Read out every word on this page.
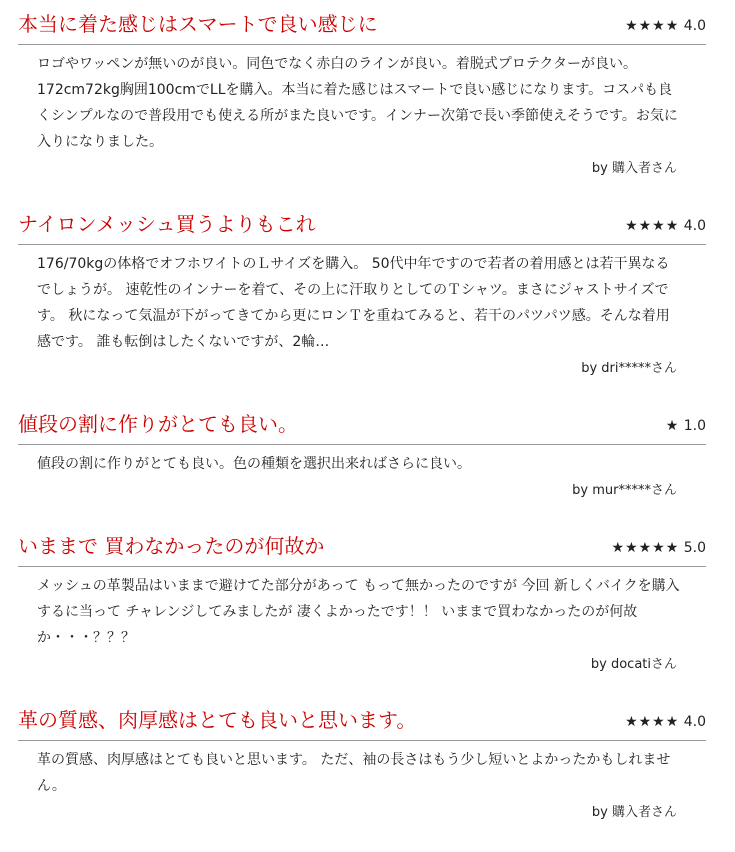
本当に着た感じはスマートで良い感じに	★★★★ 4.0
ロゴやワッペンが無いのが良い。同色でなく赤白のラインが良い。着脱式プロテクターが良い。 172cm72kg胸囲100cmでLLを購入。本当に着た感じはスマートで良い感じになります。コスパも良くシンプルなので普段用でも使える所がまた良いです。インナー次第で長い季節使えそうです。お気に入りになりました。
by 購入者さん
ナイロンメッシュ買うよりもこれ	★★★★ 4.0
176/70kgの体格でオフホワイトのＬサイズを購入。 50代中年ですので若者の着用感とは若干異なるでしょうが。 速乾性のインナーを着て、その上に汗取りとしてのＴシャツ。まさにジャストサイズです。 秋になって気温が下がってきてから更にロンＴを重ねてみると、若干のパツパツ感。そんな着用感です。 誰も転倒はしたくないですが、2輪…
by dri*****さん
値段の割に作りがとても良い。	★ 1.0
値段の割に作りがとても良い。色の種類を選択出来ればさらに良い。
by mur*****さん
いままで 買わなかったのが何故か	★★★★★ 5.0
メッシュの革製品はいままで避けてた部分があって もって無かったのですが 今回 新しくバイクを購入するに当って チャレンジしてみましたが 凄くよかったです！！ いままで買わなかったのが何故か・・・？？？
by docatiさん
革の質感、肉厚感はとても良いと思います。	★★★★ 4.0
革の質感、肉厚感はとても良いと思います。 ただ、袖の長さはもう少し短いとよかったかもしれません。
by 購入者さん
